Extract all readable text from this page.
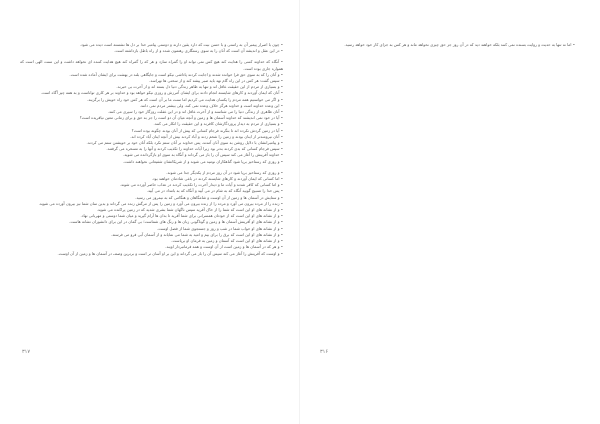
• چون با اصرار پیمبر آن به راستی و با حسن نیت که دارد یقین دارند و دوستی پیامبر خدا بر دل ها نشسته است دیده می شود.

• در این عقل و اندیشه آن است که آنان را به سوی رستگاری رهنمون شده و از راه باطل بازداشته است.

• آنگاه که خداوند کسی را هدایت کند هیچ کس نمی تواند او را گمراه سازد و هر که را گمراه کند هیچ هدایت کننده ای نخواهد داشت و این سنت الهی است که همواره جاری بوده است.

• و آنان را که به سوی حق فرا خوانده شدند و اجابت کردند پاداشی نیکو است و جایگاهی بلند در بهشت برای ایشان آماده شده است.

• سپس گفت: هر کس در این راه گام نهد باید صبر پیشه کند و از سختی ها نهراسد.

• و بسیاری از مردم از این حقیقت غافل اند و تنها به ظاهر زندگی دنیا دل بسته اند و از آخرت بی خبرند.

• آنان که ایمان آوردند و کارهای شایسته انجام دادند برای ایشان آمرزش و روزی نیکو خواهد بود و خداوند بر هر کاری تواناست و به همه چیز آگاه است.

• و اگر می خواستیم همه مردم را یکسان هدایت می کردیم اما سنت ما بر آن است که هر کس خود راه خویش را برگزیند.

• این وعده خداوند است و خداوند هرگز خلاف وعده نمی کند، ولی بیشتر مردم نمی دانند.

• آنان ظاهری از زندگی دنیا را می شناسند و از آخرت غافل اند و در این غفلت روزگار خود را سپری می کنند.

• آیا در خود نمی اندیشند که خداوند آسمان ها و زمین و آنچه میان آن دو است را جز به حق و برای زمانی معین نیافریده است؟

• و بسیاری از مردم به دیدار پروردگارشان کافرند و این حقیقت را انکار می کنند.

• آیا در زمین گردش نکرده اند تا بنگرند فرجام کسانی که پیش از آنان بودند چگونه بوده است؟

• آنان نیرومندتر از اینان بودند و زمین را شخم زدند و آباد کردند بیش از آنچه اینان آباد کرده اند.

• و پیامبرانشان با دلایل روشن به سوی آنان آمدند، پس خداوند بر آنان ستم نکرد بلکه آنان خود بر خویشتن ستم می کردند.

• سپس فرجام کسانی که بدی کردند بدتر بود زیرا آیات خداوند را تکذیب کردند و آنها را به مسخره می گرفتند.

• خداوند آفرینش را آغاز می کند سپس آن را باز می گرداند و آنگاه به سوی او بازگردانده می شوید.

• و روزی که رستاخیز برپا شود گناهکاران نومید می شوند و از شریکانشان شفیعانی نخواهند داشت.

• و روزی که رستاخیز برپا شود در آن روز مردم از یکدیگر جدا می شوند.

• اما کسانی که ایمان آوردند و کارهای شایسته کردند در باغی شادمان خواهند بود.

• و اما کسانی که کافر شدند و آیات ما و دیدار آخرت را تکذیب کردند در عذاب حاضر آورده می شوند.

• پس خدا را تسبیح گویید آنگاه که به شام در می آیید و آنگاه که به بامداد در می آیید.

• و ستایش در آسمان ها و زمین از آن اوست و شامگاهان و هنگامی که به نیمروز می رسید.

• زنده را از مرده بیرون می آورد و مرده را از زنده بیرون می آورد و زمین را پس از مرگش زنده می گرداند و بدین سان شما نیز بیرون آورده می شوید.

• و از نشانه های او این است که شما را از خاک آفرید سپس ناگهان شما بشری شدید که در زمین پراکنده می شوید.

• و از نشانه های او این است که از خودتان همسرانی برای شما آفرید تا بدان ها آرام گیرید و میان شما دوستی و مهربانی نهاد.

• و از نشانه های او آفرینش آسمان ها و زمین و گوناگونی زبان ها و رنگ های شماست؛ بی گمان در این برای دانشوران نشانه هاست.

• و از نشانه های او خواب شما در شب و روز و جستجوی شما از فضل اوست.

• و از نشانه های او این است که برق را برای بیم و امید به شما می نمایاند و از آسمان آبی فرو می فرستد.

• و از نشانه های او این است که آسمان و زمین به فرمان او برپاست.

• و هر که در آسمان ها و زمین است از آن اوست و همه فرمانبردار اویند.

• و اوست که آفرینش را آغاز می کند سپس آن را باز می گرداند و این بر او آسان تر است و برترین وصف در آسمان ها و زمین از آن اوست.

۳۱۷

• اما نه تنها به حدیث و روایت بسنده نمی کنند بلکه خواهند دید که در آن روز جز حق چیزی نخواهد ماند و هر کس به جزای کار خود خواهد رسید.

۳۱۶
